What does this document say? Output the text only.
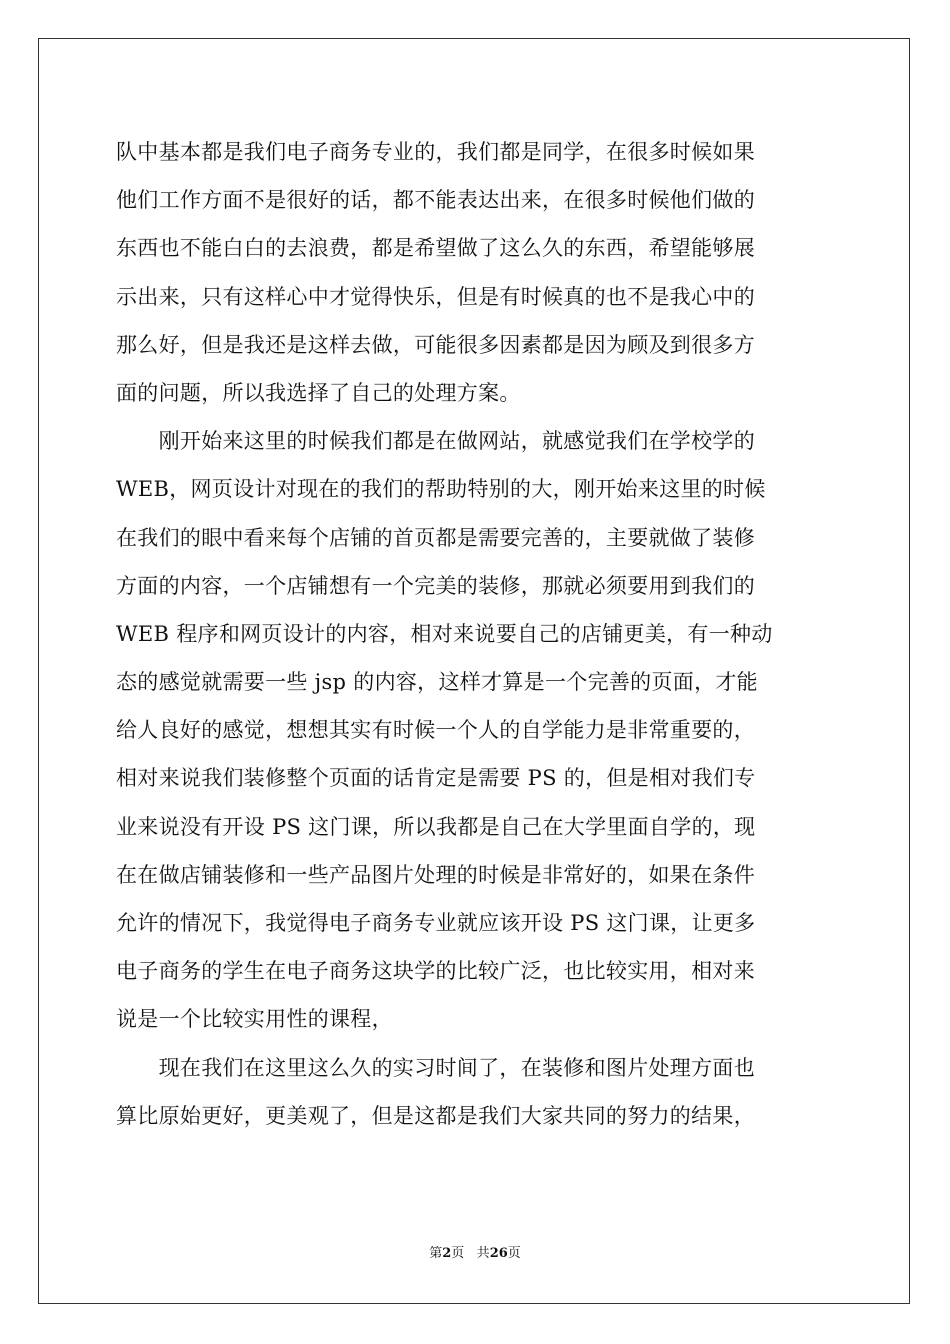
队中基本都是我们电子商务专业的，我们都是同学，在很多时候如果
他们工作方面不是很好的话，都不能表达出来，在很多时候他们做的
东西也不能白白的去浪费，都是希望做了这么久的东西，希望能够展
示出来，只有这样心中才觉得快乐，但是有时候真的也不是我心中的
那么好，但是我还是这样去做，可能很多因素都是因为顾及到很多方
面的问题，所以我选择了自己的处理方案。
　　刚开始来这里的时候我们都是在做网站，就感觉我们在学校学的
WEB，网页设计对现在的我们的帮助特别的大，刚开始来这里的时候
在我们的眼中看来每个店铺的首页都是需要完善的，主要就做了装修
方面的内容，一个店铺想有一个完美的装修，那就必须要用到我们的
WEB 程序和网页设计的内容，相对来说要自己的店铺更美，有一种动
态的感觉就需要一些 jsp 的内容，这样才算是一个完善的页面，才能
给人良好的感觉，想想其实有时候一个人的自学能力是非常重要的，
相对来说我们装修整个页面的话肯定是需要 PS 的，但是相对我们专
业来说没有开设 PS 这门课，所以我都是自己在大学里面自学的，现
在在做店铺装修和一些产品图片处理的时候是非常好的，如果在条件
允许的情况下，我觉得电子商务专业就应该开设 PS 这门课，让更多
电子商务的学生在电子商务这块学的比较广泛，也比较实用，相对来
说是一个比较实用性的课程，
　　现在我们在这里这么久的实习时间了，在装修和图片处理方面也
算比原始更好，更美观了，但是这都是我们大家共同的努力的结果，
第2页 共26页
